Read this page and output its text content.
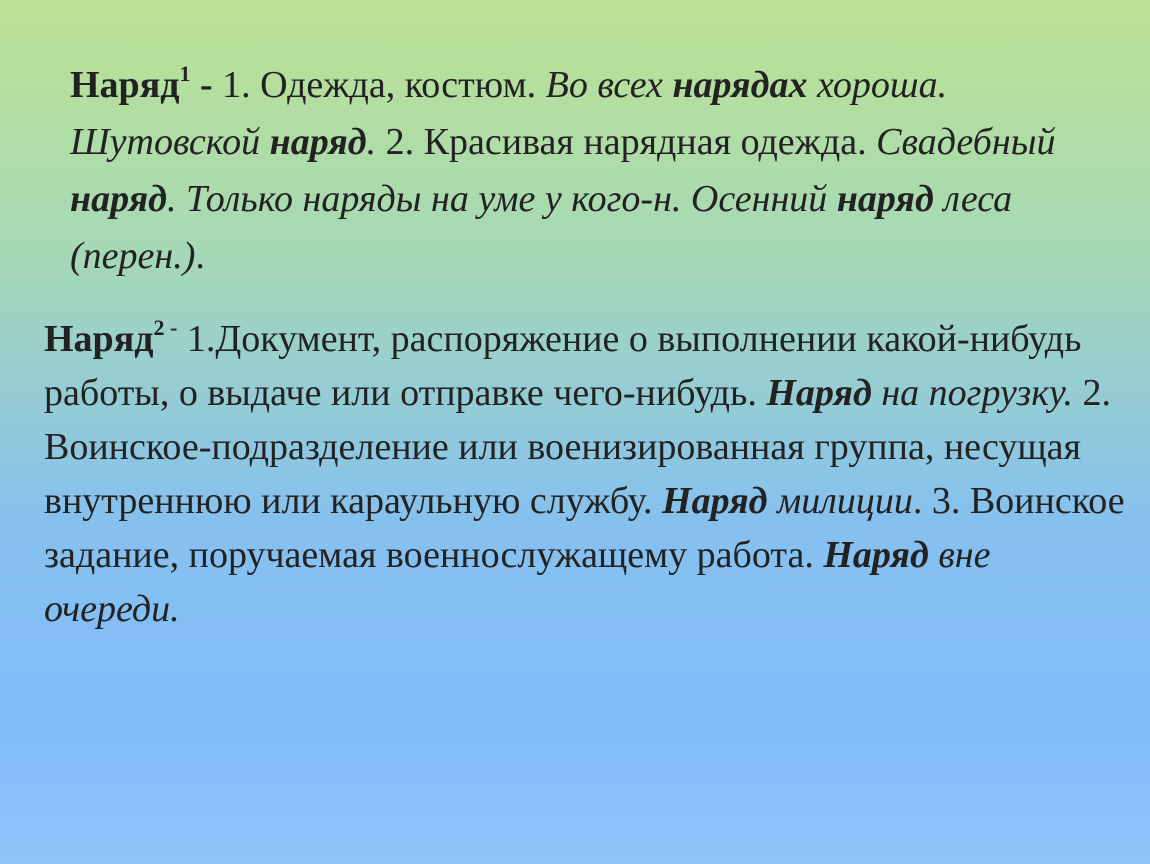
Наряд$^1$ - 1. Одежда, костюм. Во всех нарядах хороша. Шутовской наряд. 2. Красивая нарядная одежда. Свадебный наряд. Только наряды на уме у кого-н. Осенний наряд леса (перен.).

Наряд$^{2 -}$ 1.Документ, распоряжение о выполнении какой-нибудь работы, о выдаче или отправке чего-нибудь. Наряд на погрузку. 2. Воинское-подразделение или военизированная группа, несущая внутреннюю или караульную службу. Наряд милиции. 3. Воинское задание, поручаемая военнослужащему работа. Наряд вне очереди.
